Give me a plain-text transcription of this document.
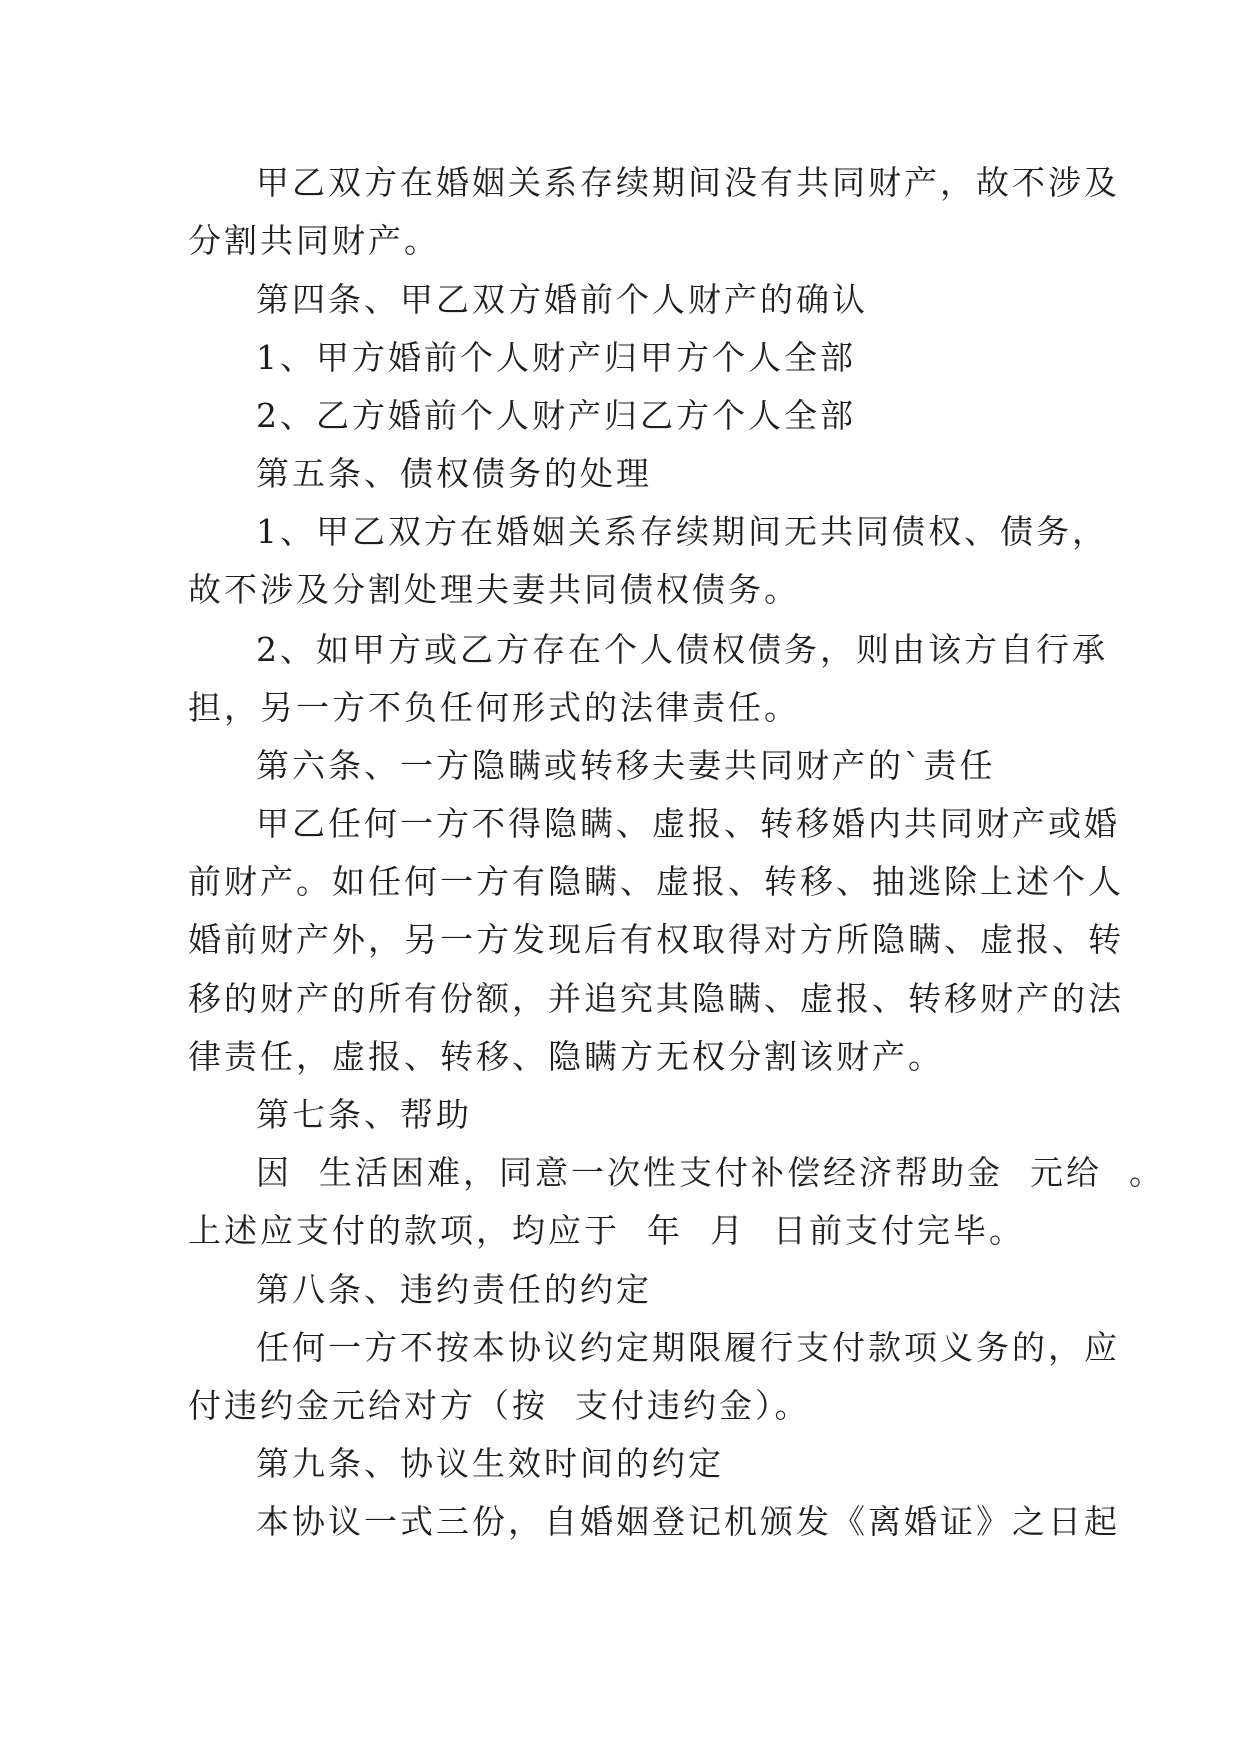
甲乙双方在婚姻关系存续期间没有共同财产，故不涉及
分割共同财产。
第四条、甲乙双方婚前个人财产的确认
1、甲方婚前个人财产归甲方个人全部
2、乙方婚前个人财产归乙方个人全部
第五条、债权债务的处理
1、甲乙双方在婚姻关系存续期间无共同债权、债务，
故不涉及分割处理夫妻共同债权债务。
2、如甲方或乙方存在个人债权债务，则由该方自行承
担，另一方不负任何形式的法律责任。
第六条、一方隐瞒或转移夫妻共同财产的`责任
甲乙任何一方不得隐瞒、虚报、转移婚内共同财产或婚
前财产。如任何一方有隐瞒、虚报、转移、抽逃除上述个人
婚前财产外，另一方发现后有权取得对方所隐瞒、虚报、转
移的财产的所有份额，并追究其隐瞒、虚报、转移财产的法
律责任，虚报、转移、隐瞒方无权分割该财产。
第七条、帮助
因  生活困难，同意一次性支付补偿经济帮助金  元给  。
上述应支付的款项，均应于  年  月  日前支付完毕。
第八条、违约责任的约定
任何一方不按本协议约定期限履行支付款项义务的，应
付违约金元给对方（按  支付违约金）。
第九条、协议生效时间的约定
本协议一式三份，自婚姻登记机颁发《离婚证》之日起
